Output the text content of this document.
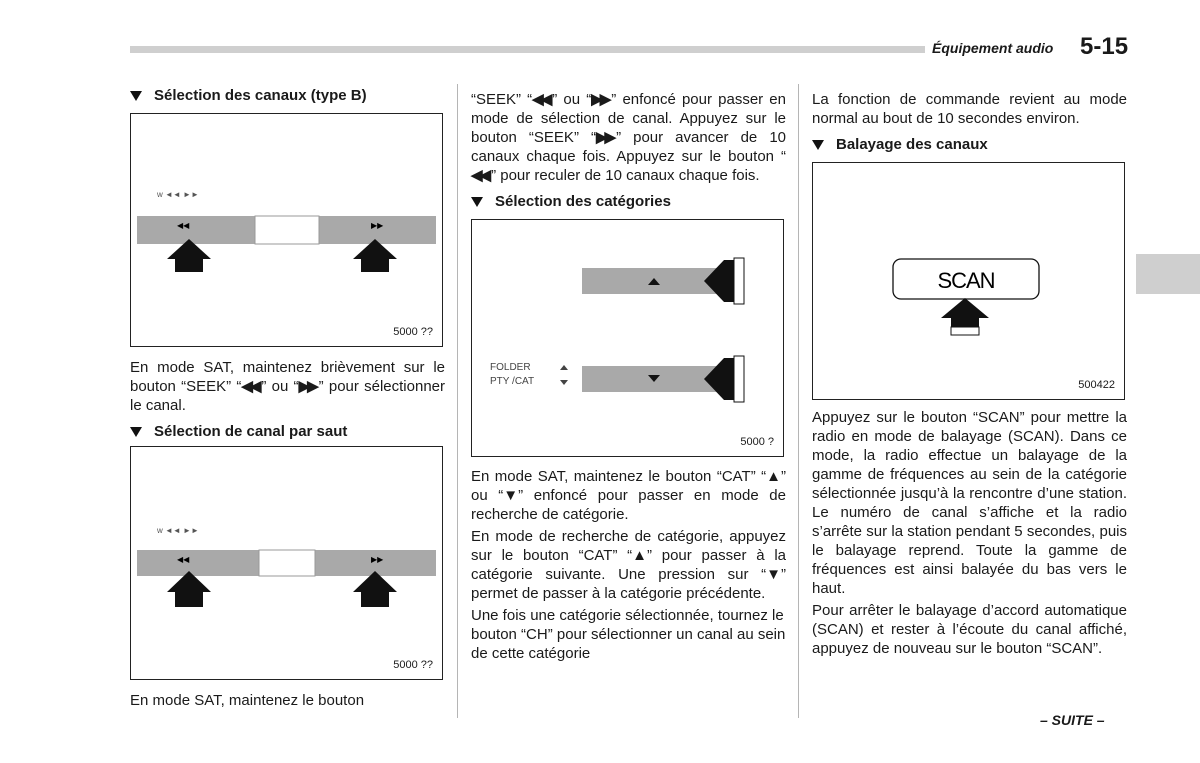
Équipement audio 5-15
Sélection des canaux (type B)
ᴡ ◄◄ ►►
◀◀	▶▶
5000 ??

En mode SAT, maintenez brièvement sur le bouton “SEEK” “◀◀ ” ou “▶▶ ” pour sélectionner le canal.

Sélection de canal par saut
ᴡ ◄◄ ►►
◀◀	▶▶
5000 ??

En mode SAT, maintenez le bouton

“SEEK” “◀◀ ” ou “▶▶ ” enfoncé pour passer en mode de sélection de canal. Appuyez sur le bouton “SEEK” “▶▶ ” pour avancer de 10 canaux chaque fois. Appuyez sur le bouton “◀◀ ” pour reculer de 10 canaux chaque fois.

Sélection des catégories
FOLDER
PTY /CAT
5000 ?

En mode SAT, maintenez le bouton “CAT” “▲ ” ou “▼ ” enfoncé pour passer en mode de recherche de catégorie.

En mode de recherche de catégorie, appuyez sur le bouton “CAT” “▲ ” pour passer à la catégorie suivante. Une pression sur “▼ ” permet de passer à la catégorie précédente.

Une fois une catégorie sélectionnée, tournez le bouton “CH” pour sélectionner un canal au sein de cette catégorie

La fonction de commande revient au mode normal au bout de 10 secondes environ.

Balayage des canaux
SCAN
500422

Appuyez sur le bouton “SCAN” pour mettre la radio en mode de balayage (SCAN). Dans ce mode, la radio effectue un balayage de la gamme de fréquences au sein de la catégorie sélectionnée jusqu’à la rencontre d’une station. Le numéro de canal s’affiche et la radio s’arrête sur la station pendant 5 secondes, puis le balayage reprend. Toute la gamme de fréquences est ainsi balayée du bas vers le haut.

Pour arrêter le balayage d’accord automatique (SCAN) et rester à l’écoute du canal affiché, appuyez de nouveau sur le bouton “SCAN”.

– SUITE –
